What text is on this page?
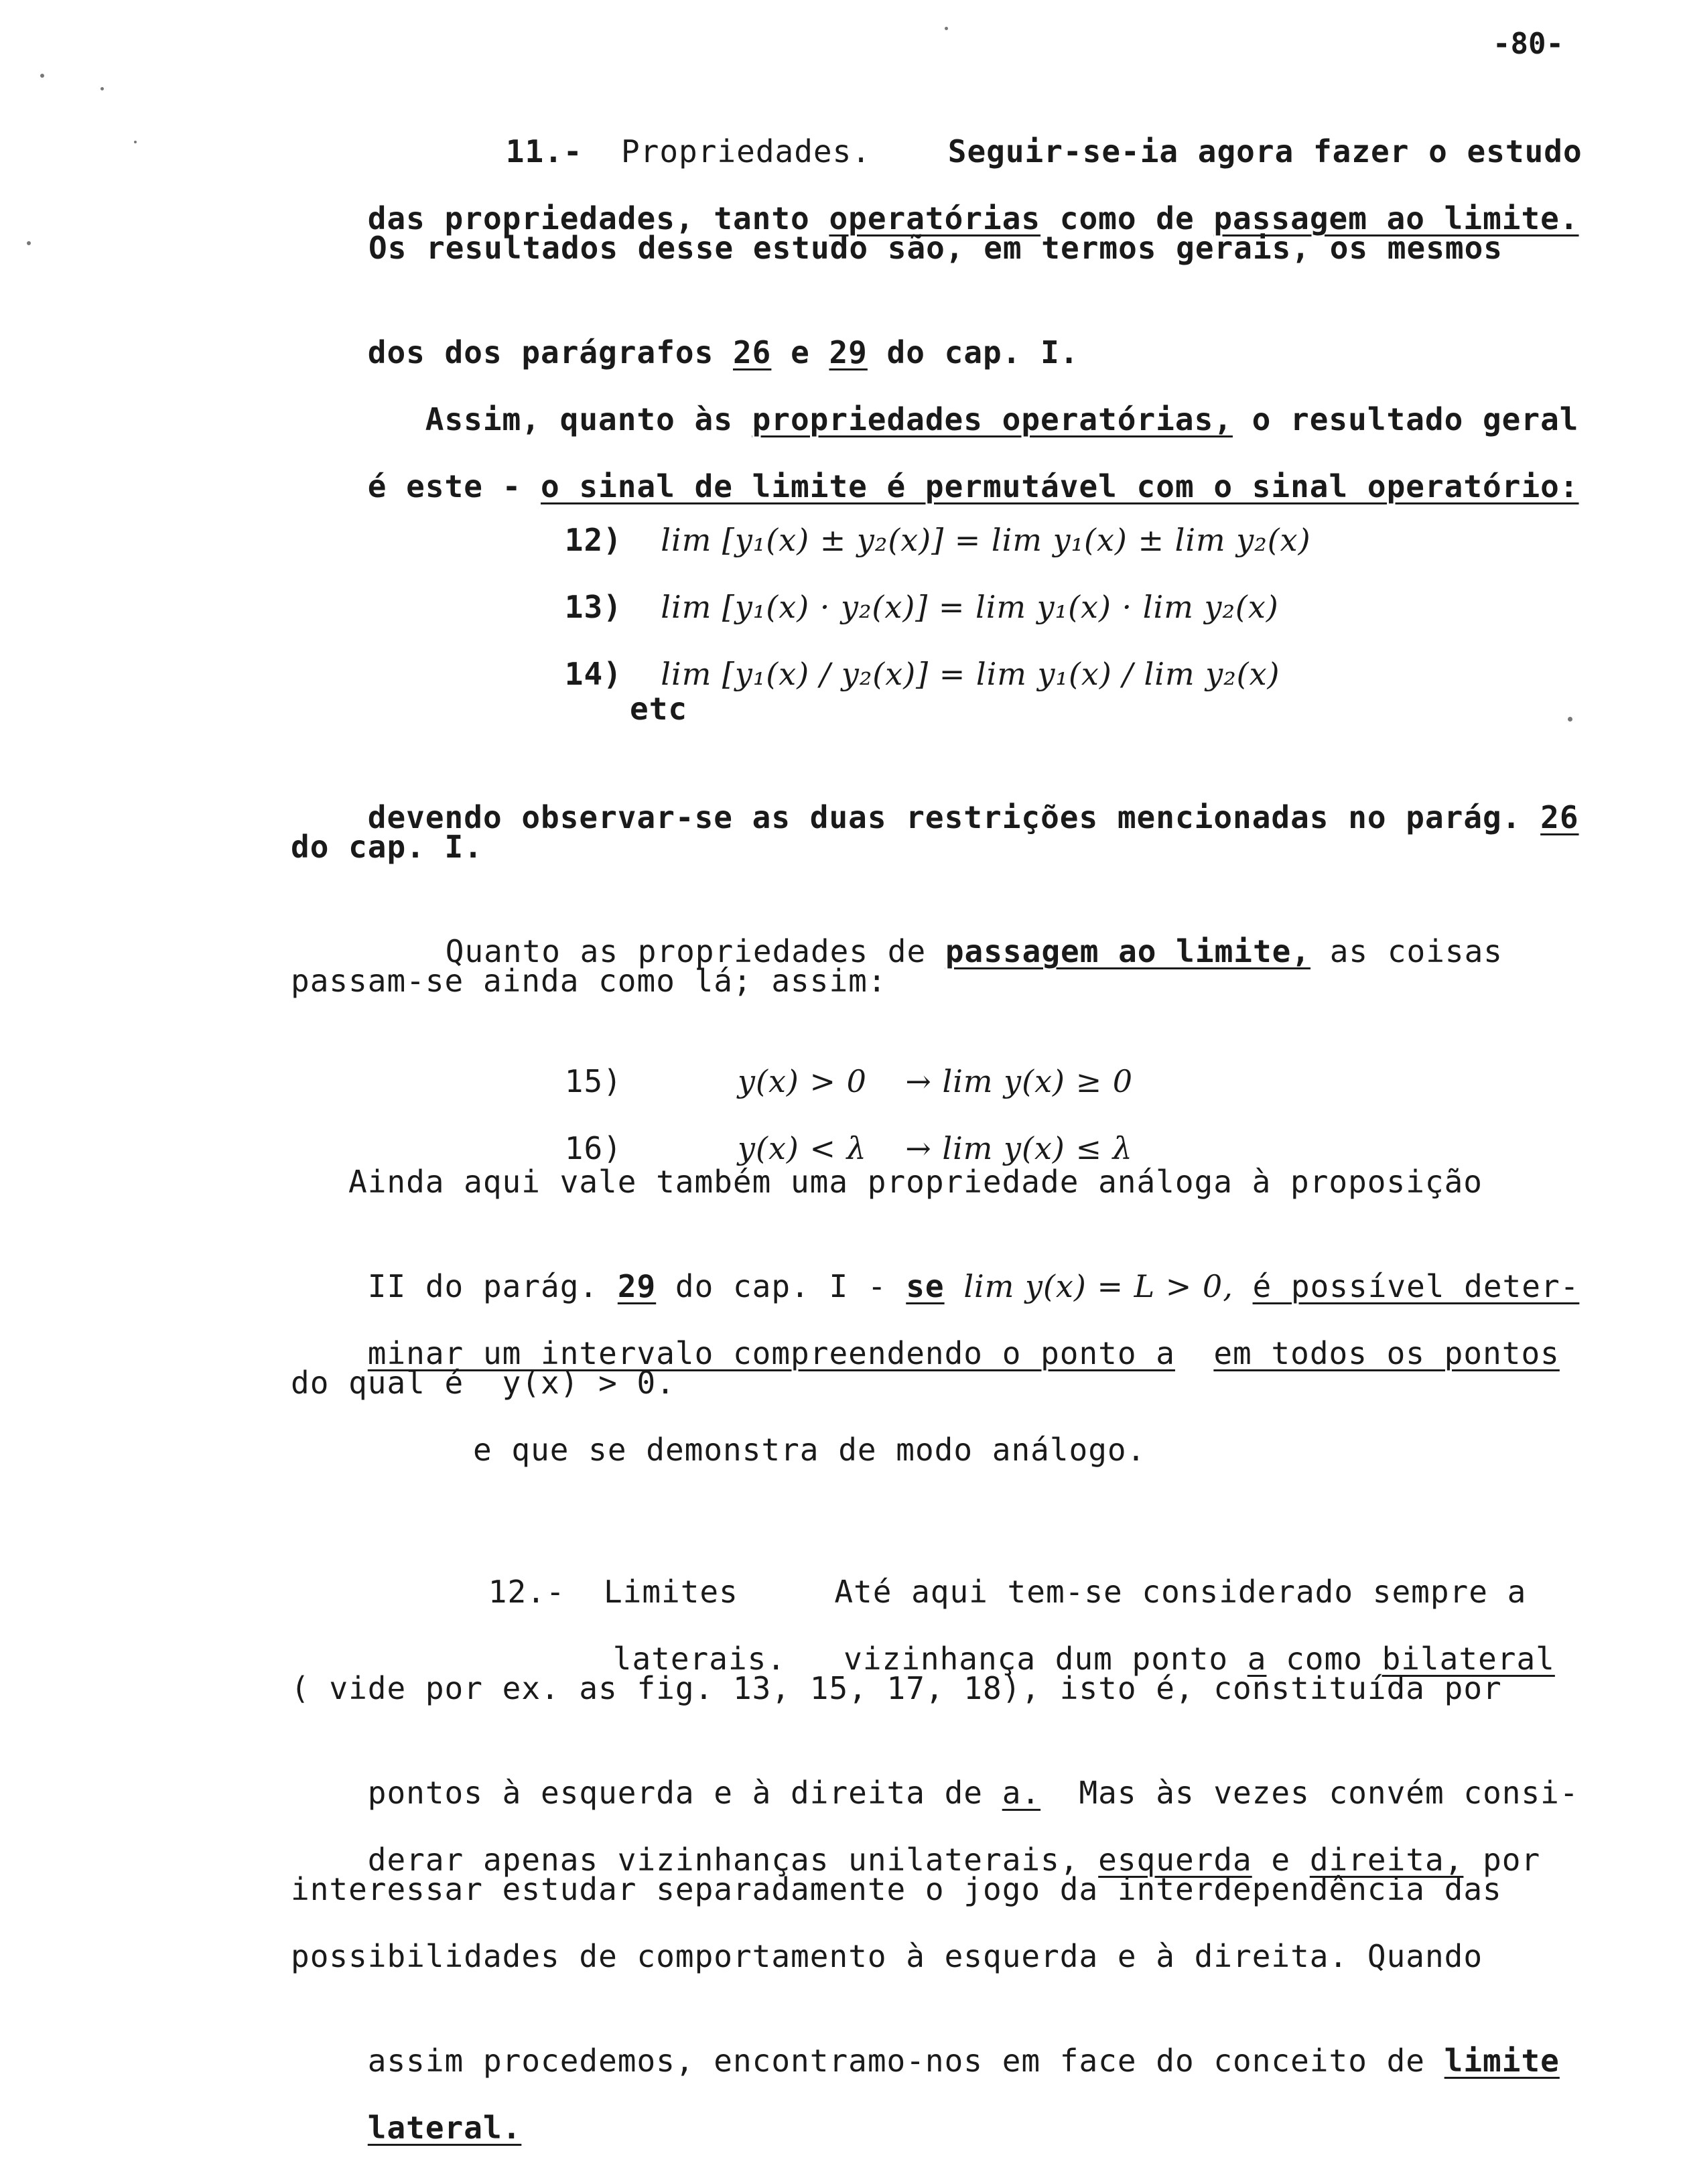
-80-

11.- Propriedades. Seguir-se-ia agora fazer o estudo

das propriedades, tanto operatórias como de passagem ao limite.

Os resultados desse estudo são, em termos gerais, os mesmos

dos dos parágrafos 26 e 29 do cap. I.

Assim, quanto às propriedades operatórias, o resultado geral

é este - o sinal de limite é permutável com o sinal operatório:

12) lim [y₁(x) ± y₂(x)] = lim y₁(x) ± lim y₂(x)

13) lim [y₁(x) · y₂(x)] = lim y₁(x) · lim y₂(x)

14) lim [y₁(x) / y₂(x)] = lim y₁(x) / lim y₂(x)

etc

devendo observar-se as duas restrições mencionadas no parág. 26

do cap. I.

Quanto as propriedades de passagem ao limite, as coisas

passam-se ainda como lá; assim:

15)	y(x) > 0 → lim y(x) ≥ 0

16)	y(x) < λ → lim y(x) ≤ λ

Ainda aqui vale também uma propriedade análoga à proposição

II do parág. 29 do cap. I - se lim y(x) = L > 0, é possível deter-

minar um intervalo compreendendo o ponto a em todos os pontos

do qual é  y(x) > 0.
e que se demonstra de modo análogo.

12.- Limites	Até aqui tem-se considerado sempre a

laterais. vizinhança dum ponto a como bilateral

( vide por ex. as fig. 13, 15, 17, 18), isto é, constituída por

pontos à esquerda e à direita de a.  Mas às vezes convém consi-

derar apenas vizinhanças unilaterais, esquerda e direita, por

interessar estudar separadamente o jogo da interdependência das
possibilidades de comportamento à esquerda e à direita. Quando

assim procedemos, encontramo-nos em face do conceito de limite

lateral.
